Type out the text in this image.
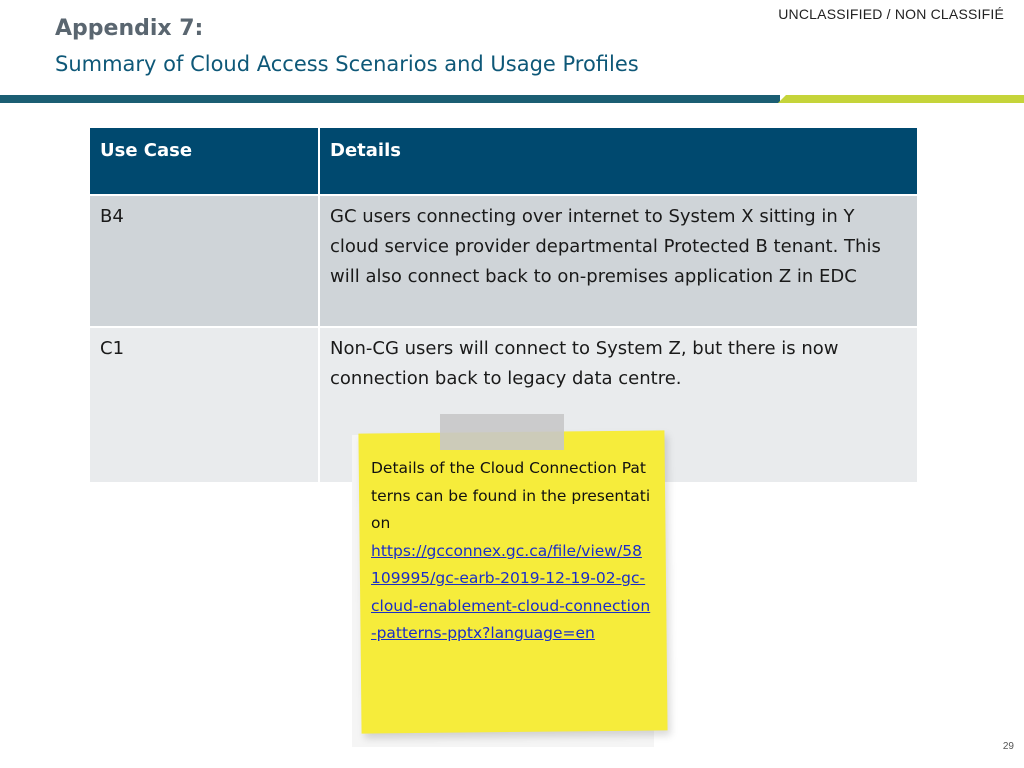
UNCLASSIFIED / NON CLASSIFIÉ
Appendix 7:
Summary of Cloud Access Scenarios and Usage Profiles
Use Case	Details
B4	GC users connecting over internet to System X sitting in Y cloud service provider departmental Protected B tenant. This will also connect back to on-premises application Z in EDC
C1	Non-CG users will connect to System Z, but there is now connection back to legacy data centre.
Details of the Cloud Connection Patterns can be found in the presentation
https://gcconnex.gc.ca/file/view/58109995/gc-earb-2019-12-19-02-gc-cloud-enablement-cloud-connection-patterns-pptx?language=en
29
